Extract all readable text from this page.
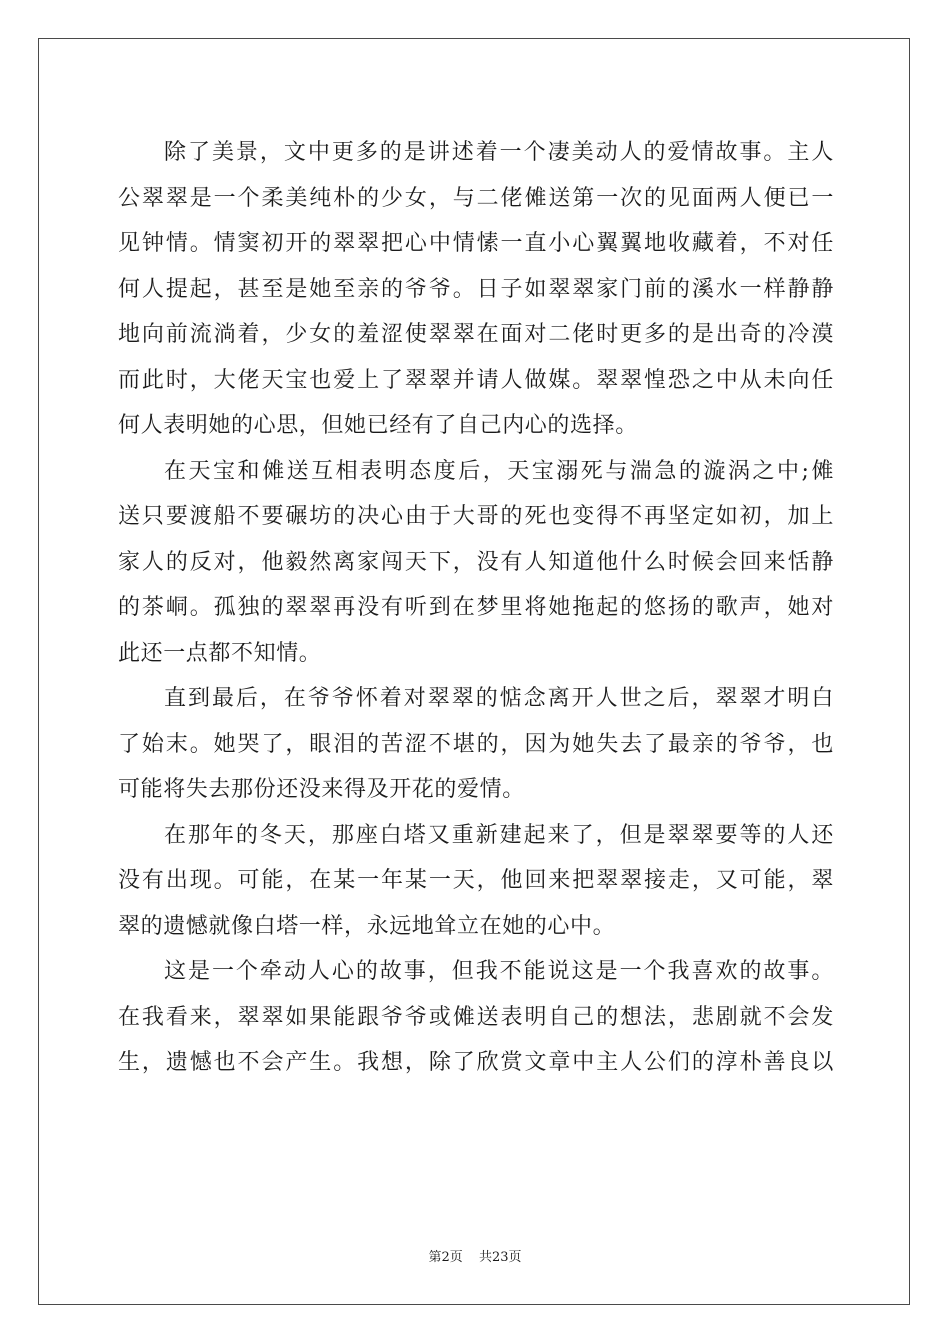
除了美景，文中更多的是讲述着一个凄美动人的爱情故事。主人
公翠翠是一个柔美纯朴的少女，与二佬傩送第一次的见面两人便已一
见钟情。情窦初开的翠翠把心中情愫一直小心翼翼地收藏着，不对任
何人提起，甚至是她至亲的爷爷。日子如翠翠家门前的溪水一样静静
地向前流淌着，少女的羞涩使翠翠在面对二佬时更多的是出奇的冷漠
而此时，大佬天宝也爱上了翠翠并请人做媒。翠翠惶恐之中从未向任
何人表明她的心思，但她已经有了自己内心的选择。
在天宝和傩送互相表明态度后，天宝溺死与湍急的漩涡之中;傩
送只要渡船不要碾坊的决心由于大哥的死也变得不再坚定如初，加上
家人的反对，他毅然离家闯天下，没有人知道他什么时候会回来恬静
的茶峒。孤独的翠翠再没有听到在梦里将她拖起的悠扬的歌声，她对
此还一点都不知情。
直到最后，在爷爷怀着对翠翠的惦念离开人世之后，翠翠才明白
了始末。她哭了，眼泪的苦涩不堪的，因为她失去了最亲的爷爷，也
可能将失去那份还没来得及开花的爱情。
在那年的冬天，那座白塔又重新建起来了，但是翠翠要等的人还
没有出现。可能，在某一年某一天，他回来把翠翠接走，又可能，翠
翠的遗憾就像白塔一样，永远地耸立在她的心中。
这是一个牵动人心的故事，但我不能说这是一个我喜欢的故事。
在我看来，翠翠如果能跟爷爷或傩送表明自己的想法，悲剧就不会发
生，遗憾也不会产生。我想，除了欣赏文章中主人公们的淳朴善良以
第2页 共23页
